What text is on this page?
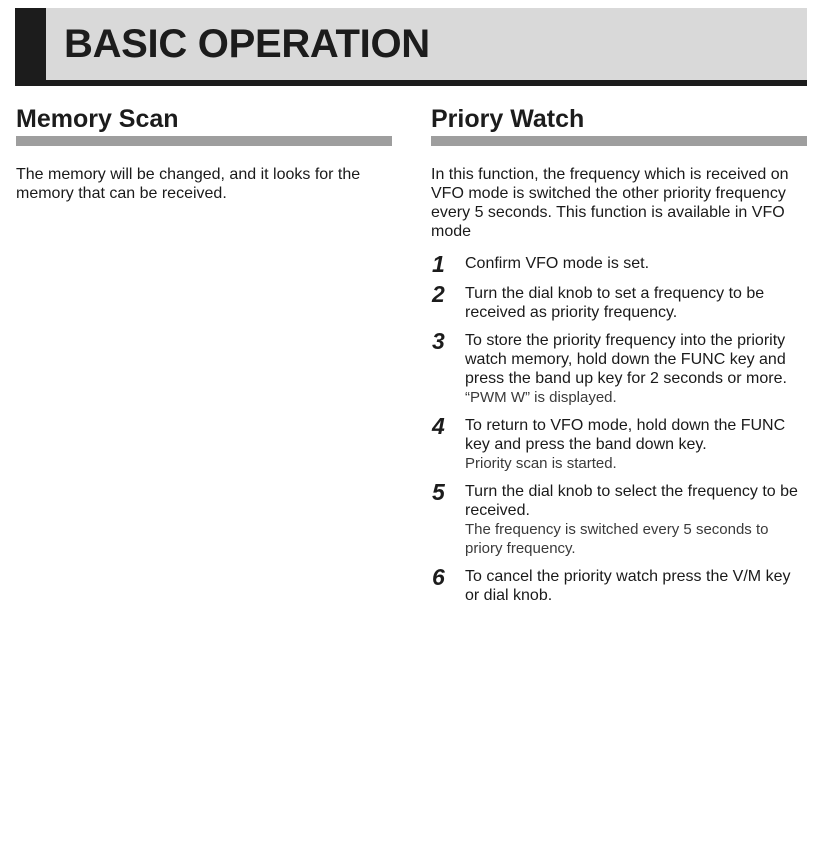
BASIC OPERATION
Memory Scan

The memory will be changed, and it looks for the memory that can be received.

Priory Watch

In this function, the frequency which is received on VFO mode is switched the other priority frequency every 5 seconds. This function is available in VFO mode

1	Confirm VFO mode is set.
2	Turn the dial knob to set a frequency to be received as priority frequency.
3	To store the priority frequency into the priority watch memory, hold down the FUNC key and press the band up key for 2 seconds or more.
“PWM W” is displayed.
4	To return to VFO mode, hold down the FUNC key and press the band down key.
Priority scan is started.
5	Turn the dial knob to select the frequency to be received.
The frequency is switched every 5 seconds to priory frequency.
6	To cancel the priority watch press the V/M key or dial knob.
